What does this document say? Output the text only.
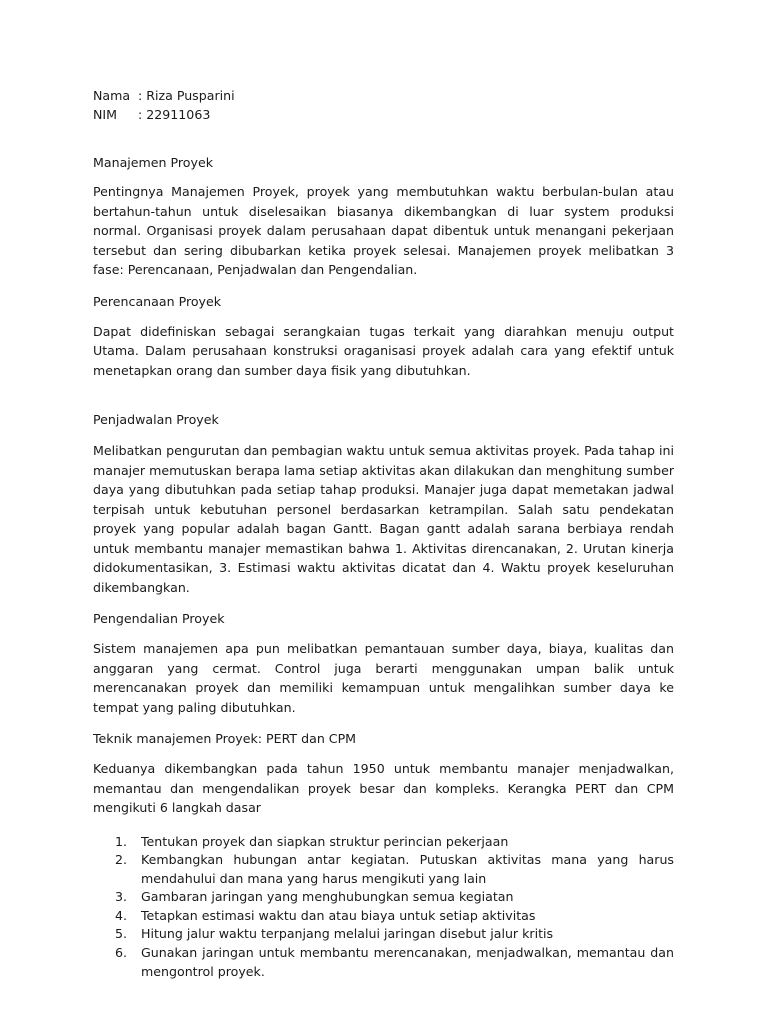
Nama : Riza Pusparini
NIM : 22911063

Manajemen Proyek

Pentingnya Manajemen Proyek, proyek yang membutuhkan waktu berbulan-bulan atau bertahun-tahun untuk diselesaikan biasanya dikembangkan di luar system produksi normal. Organisasi proyek dalam perusahaan dapat dibentuk untuk menangani pekerjaan tersebut dan sering dibubarkan ketika proyek selesai. Manajemen proyek melibatkan 3 fase: Perencanaan, Penjadwalan dan Pengendalian.

Perencanaan Proyek

Dapat didefiniskan sebagai serangkaian tugas terkait yang diarahkan menuju output Utama. Dalam perusahaan konstruksi oraganisasi proyek adalah cara yang efektif untuk menetapkan orang dan sumber daya fisik yang dibutuhkan.

Penjadwalan Proyek

Melibatkan pengurutan dan pembagian waktu untuk semua aktivitas proyek. Pada tahap ini manajer memutuskan berapa lama setiap aktivitas akan dilakukan dan menghitung sumber daya yang dibutuhkan pada setiap tahap produksi. Manajer juga dapat memetakan jadwal terpisah untuk kebutuhan personel berdasarkan ketrampilan. Salah satu pendekatan proyek yang popular adalah bagan Gantt. Bagan gantt adalah sarana berbiaya rendah untuk membantu manajer memastikan bahwa 1. Aktivitas direncanakan, 2. Urutan kinerja didokumentasikan, 3. Estimasi waktu aktivitas dicatat dan 4. Waktu proyek keseluruhan dikembangkan.

Pengendalian Proyek

Sistem manajemen apa pun melibatkan pemantauan sumber daya, biaya, kualitas dan anggaran yang cermat. Control juga berarti menggunakan umpan balik untuk merencanakan proyek dan memiliki kemampuan untuk mengalihkan sumber daya ke tempat yang paling dibutuhkan.

Teknik manajemen Proyek: PERT dan CPM

Keduanya dikembangkan pada tahun 1950 untuk membantu manajer menjadwalkan, memantau dan mengendalikan proyek besar dan kompleks. Kerangka PERT dan CPM mengikuti 6 langkah dasar

1. Tentukan proyek dan siapkan struktur perincian pekerjaan
2. Kembangkan hubungan antar kegiatan. Putuskan aktivitas mana yang harus mendahului dan mana yang harus mengikuti yang lain
3. Gambaran jaringan yang menghubungkan semua kegiatan
4. Tetapkan estimasi waktu dan atau biaya untuk setiap aktivitas
5. Hitung jalur waktu terpanjang melalui jaringan disebut jalur kritis
6. Gunakan jaringan untuk membantu merencanakan, menjadwalkan, memantau dan mengontrol proyek.
